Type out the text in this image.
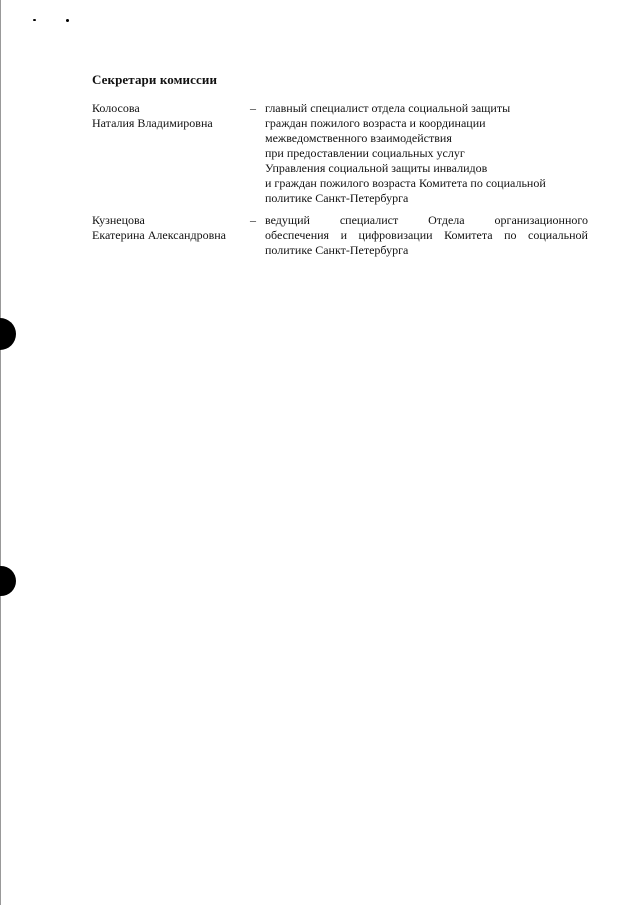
Секретари комиссии
Колосова
Наталия Владимировна
– главный специалист отдела социальной защиты
граждан пожилого возраста и координации
межведомственного взаимодействия
при предоставлении социальных услуг
Управления социальной защиты инвалидов
и граждан пожилого возраста Комитета по социальной
политике Санкт-Петербурга
Кузнецова
Екатерина Александровна
– ведущий специалист Отдела организационного
обеспечения и цифровизации Комитета по социальной
политике Санкт-Петербурга
